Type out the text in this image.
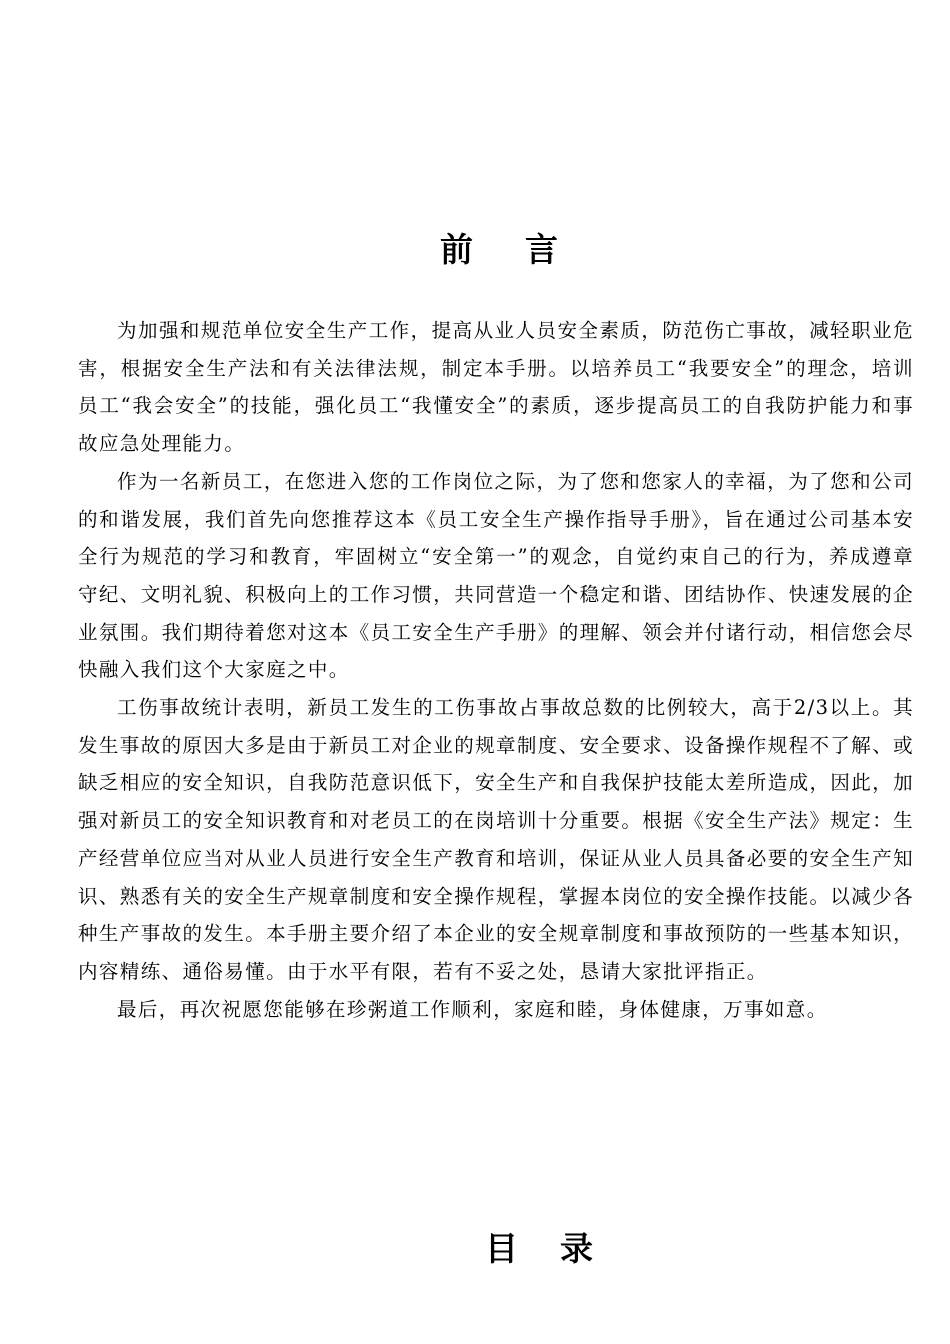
前 言

为加强和规范单位安全生产工作，提高从业人员安全素质，防范伤亡事故，减轻职业危害，根据安全生产法和有关法律法规，制定本手册。以培养员工“我要安全”的理念，培训员工“我会安全”的技能，强化员工“我懂安全”的素质，逐步提高员工的自我防护能力和事故应急处理能力。

作为一名新员工，在您进入您的工作岗位之际，为了您和您家人的幸福，为了您和公司的和谐发展，我们首先向您推荐这本《员工安全生产操作指导手册》，旨在通过公司基本安全行为规范的学习和教育，牢固树立“安全第一”的观念，自觉约束自己的行为，养成遵章守纪、文明礼貌、积极向上的工作习惯，共同营造一个稳定和谐、团结协作、快速发展的企业氛围。我们期待着您对这本《员工安全生产手册》的理解、领会并付诸行动，相信您会尽快融入我们这个大家庭之中。

工伤事故统计表明，新员工发生的工伤事故占事故总数的比例较大，高于2/3以上。其发生事故的原因大多是由于新员工对企业的规章制度、安全要求、设备操作规程不了解、或缺乏相应的安全知识，自我防范意识低下，安全生产和自我保护技能太差所造成，因此，加强对新员工的安全知识教育和对老员工的在岗培训十分重要。根据《安全生产法》规定：生产经营单位应当对从业人员进行安全生产教育和培训，保证从业人员具备必要的安全生产知识、熟悉有关的安全生产规章制度和安全操作规程，掌握本岗位的安全操作技能。以减少各种生产事故的发生。本手册主要介绍了本企业的安全规章制度和事故预防的一些基本知识，内容精练、通俗易懂。由于水平有限，若有不妥之处，恳请大家批评指正。

最后，再次祝愿您能够在珍粥道工作顺利，家庭和睦，身体健康，万事如意。

目 录
